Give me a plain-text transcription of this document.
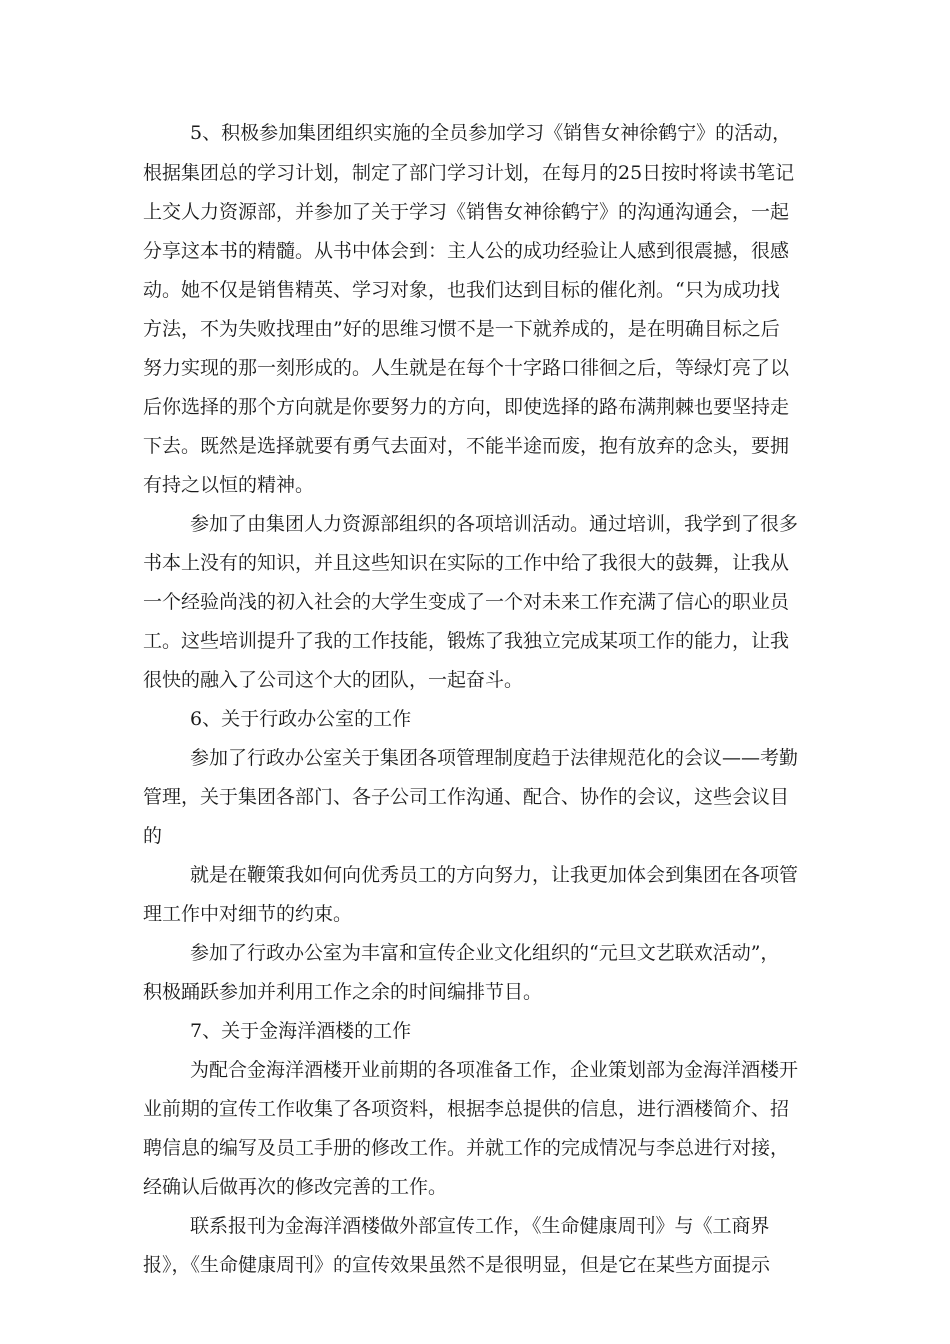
5、积极参加集团组织实施的全员参加学习《销售女神徐鹤宁》的活动，
根据集团总的学习计划，制定了部门学习计划，在每月的25日按时将读书笔记
上交人力资源部，并参加了关于学习《销售女神徐鹤宁》的沟通沟通会，一起
分享这本书的精髓。从书中体会到：主人公的成功经验让人感到很震撼，很感
动。她不仅是销售精英、学习对象，也我们达到目标的催化剂。“只为成功找
方法，不为失败找理由”好的思维习惯不是一下就养成的，是在明确目标之后
努力实现的那一刻形成的。人生就是在每个十字路口徘徊之后，等绿灯亮了以
后你选择的那个方向就是你要努力的方向，即使选择的路布满荆棘也要坚持走
下去。既然是选择就要有勇气去面对，不能半途而废，抱有放弃的念头，要拥
有持之以恒的精神。
参加了由集团人力资源部组织的各项培训活动。通过培训，我学到了很多
书本上没有的知识，并且这些知识在实际的工作中给了我很大的鼓舞，让我从
一个经验尚浅的初入社会的大学生变成了一个对未来工作充满了信心的职业员
工。这些培训提升了我的工作技能，锻炼了我独立完成某项工作的能力，让我
很快的融入了公司这个大的团队，一起奋斗。
6、关于行政办公室的工作
参加了行政办公室关于集团各项管理制度趋于法律规范化的会议——考勤
管理，关于集团各部门、各子公司工作沟通、配合、协作的会议，这些会议目
的
就是在鞭策我如何向优秀员工的方向努力，让我更加体会到集团在各项管
理工作中对细节的约束。
参加了行政办公室为丰富和宣传企业文化组织的“元旦文艺联欢活动”，
积极踊跃参加并利用工作之余的时间编排节目。
7、关于金海洋酒楼的工作
为配合金海洋酒楼开业前期的各项准备工作，企业策划部为金海洋酒楼开
业前期的宣传工作收集了各项资料，根据李总提供的信息，进行酒楼简介、招
聘信息的编写及员工手册的修改工作。并就工作的完成情况与李总进行对接，
经确认后做再次的修改完善的工作。
联系报刊为金海洋酒楼做外部宣传工作，《生命健康周刊》与《工商界
报》，《生命健康周刊》的宣传效果虽然不是很明显，但是它在某些方面提示
